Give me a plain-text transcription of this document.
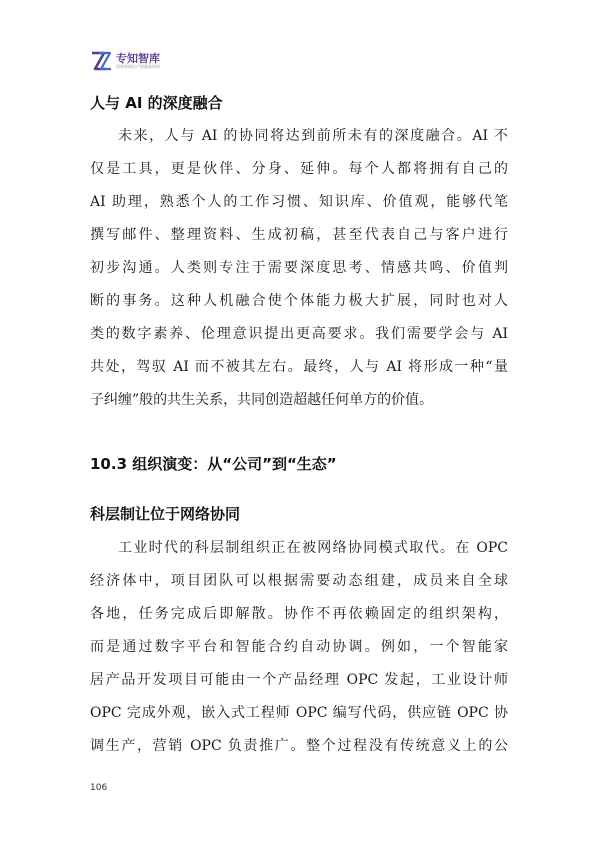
专知智库
国家级知识产权服务机构
人与 AI 的深度融合
未来，人与 AI 的协同将达到前所未有的深度融合。AI 不
仅是工具，更是伙伴、分身、延伸。每个人都将拥有自己的
AI 助理，熟悉个人的工作习惯、知识库、价值观，能够代笔
撰写邮件、整理资料、生成初稿，甚至代表自己与客户进行
初步沟通。人类则专注于需要深度思考、情感共鸣、价值判
断的事务。这种人机融合使个体能力极大扩展，同时也对人
类的数字素养、伦理意识提出更高要求。我们需要学会与 AI
共处，驾驭 AI 而不被其左右。最终，人与 AI 将形成一种“量
子纠缠”般的共生关系，共同创造超越任何单方的价值。
10.3 组织演变：从“公司”到“生态”
科层制让位于网络协同
工业时代的科层制组织正在被网络协同模式取代。在 OPC
经济体中，项目团队可以根据需要动态组建，成员来自全球
各地，任务完成后即解散。协作不再依赖固定的组织架构，
而是通过数字平台和智能合约自动协调。例如，一个智能家
居产品开发项目可能由一个产品经理 OPC 发起，工业设计师
OPC 完成外观，嵌入式工程师 OPC 编写代码，供应链 OPC 协
调生产，营销 OPC 负责推广。整个过程没有传统意义上的公
106
